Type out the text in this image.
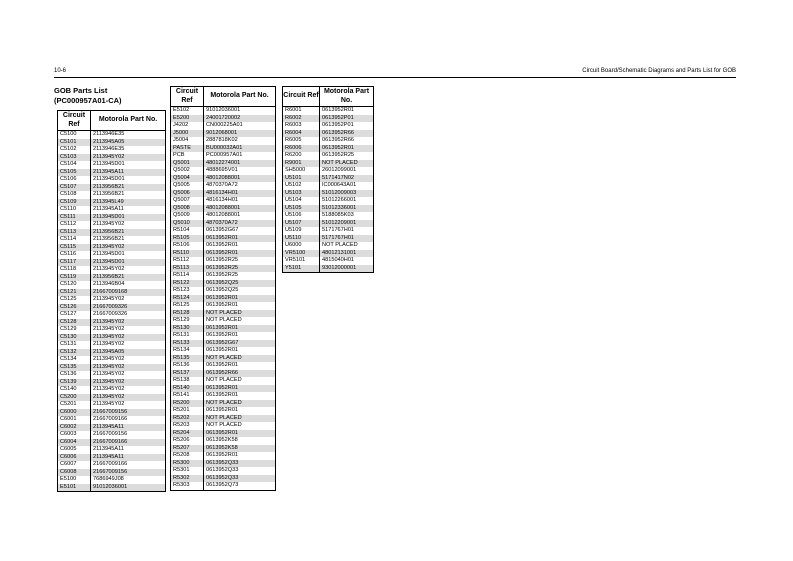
10-6	Circuit Board/Schematic Diagrams and Parts List for GOB
GOB Parts List
(PC000957A01-CA)
Circuit Ref	Motorola Part No.
C5100	2113946E35
C5101	2113945A05
C5102	2113946E35
C5103	2113945Y02
C5104	2113945D01
C5105	2113945A11
C5106	2113945D01
C5107	2113956B21
C5108	2113956B21
C5109	2113945L49
C5110	2113945A11
C5111	2113945D01
C5112	2113945Y02
C5113	2113956B21
C5114	2113956B21
C5115	2113945Y02
C5116	2113945D01
C5117	2113945D01
C5118	2113945Y02
C5119	2113956B21
C5120	2113946B04
C5121	21667009168
C5125	2113945Y02
C5126	21667009326
C5127	21667009326
C5128	2113945Y02
C5129	2113945Y02
C5130	2113945Y02
C5131	2113945Y02
C5132	2113945A05
C5134	2113945Y02
C5135	2113945Y02
C5136	2113945Y02
C5139	2113945Y02
C5140	2113945Y02
C5200	2113945Y02
C5201	2113945Y02
C6000	21667009156
C6001	21667009166
C6002	2113945A11
C6003	21667009156
C6004	21667009166
C6005	2113945A11
C6006	2113945A11
C6007	21667009166
C6008	21667009156
E5100	7686949J08
E5101	91012036001
Circuit Ref	Motorola Part No.
E5102	91012036001
E5200	24001720002
J4202	CN000225A01
J5000	9012068001
J5004	2887818K02
PASTE	BU000032A01
PCB	PC000957A01
Q5001	48012274001
Q5002	4888695V01
Q5004	48012088001
Q5005	4870370A72
Q5006	4816134H01
Q5007	4816134H01
Q5008	48012088001
Q5009	48012088001
Q5010	4870370A72
R5104	0613952G67
R5105	0613952R01
R5106	0613952R01
R5110	0613952R01
R5112	0613952R25
R5113	0613952R25
R5114	0613952R25
R5122	0613952Q25
R5123	0613952Q25
R5124	0613952R01
R5125	0613952R01
R5128	NOT PLACED
R5129	NOT PLACED
R5130	0613952R01
R5131	0613952R01
R5133	0613952G67
R5134	0613952R01
R5135	NOT PLACED
R5136	0613952R01
R5137	0613952R66
R5138	NOT PLACED
R5140	0613952R01
R5141	0613952R01
R5200	NOT PLACED
R5201	0613952R01
R5202	NOT PLACED
R5203	NOT PLACED
R5204	0613952R01
R5206	0613952K58
R5207	0613952K58
R5208	0613952R01
R5300	0613952Q33
R5301	0613952Q33
R5302	0613952Q33
R5303	0613952Q73
Circuit Ref	Motorola Part No.
R6001	0613952R01
R6002	0613952P01
R6003	0613952P01
R6004	0613952R66
R6005	0613952R66
R6006	0613952R01
R6200	0613952R25
R9001	NOT PLACED
SH5000	26012099001
U5101	5171417N02
U5102	IC000643A01
U5103	51012009003
U5104	51012266001
U5105	51012336001
U5106	5188085K03
U5107	51012209001
U5109	5171767H01
U5110	5171767H01
U6000	NOT PLACED
VR5100	48012131001
VR5101	4815040H01
Y5101	93012000001
